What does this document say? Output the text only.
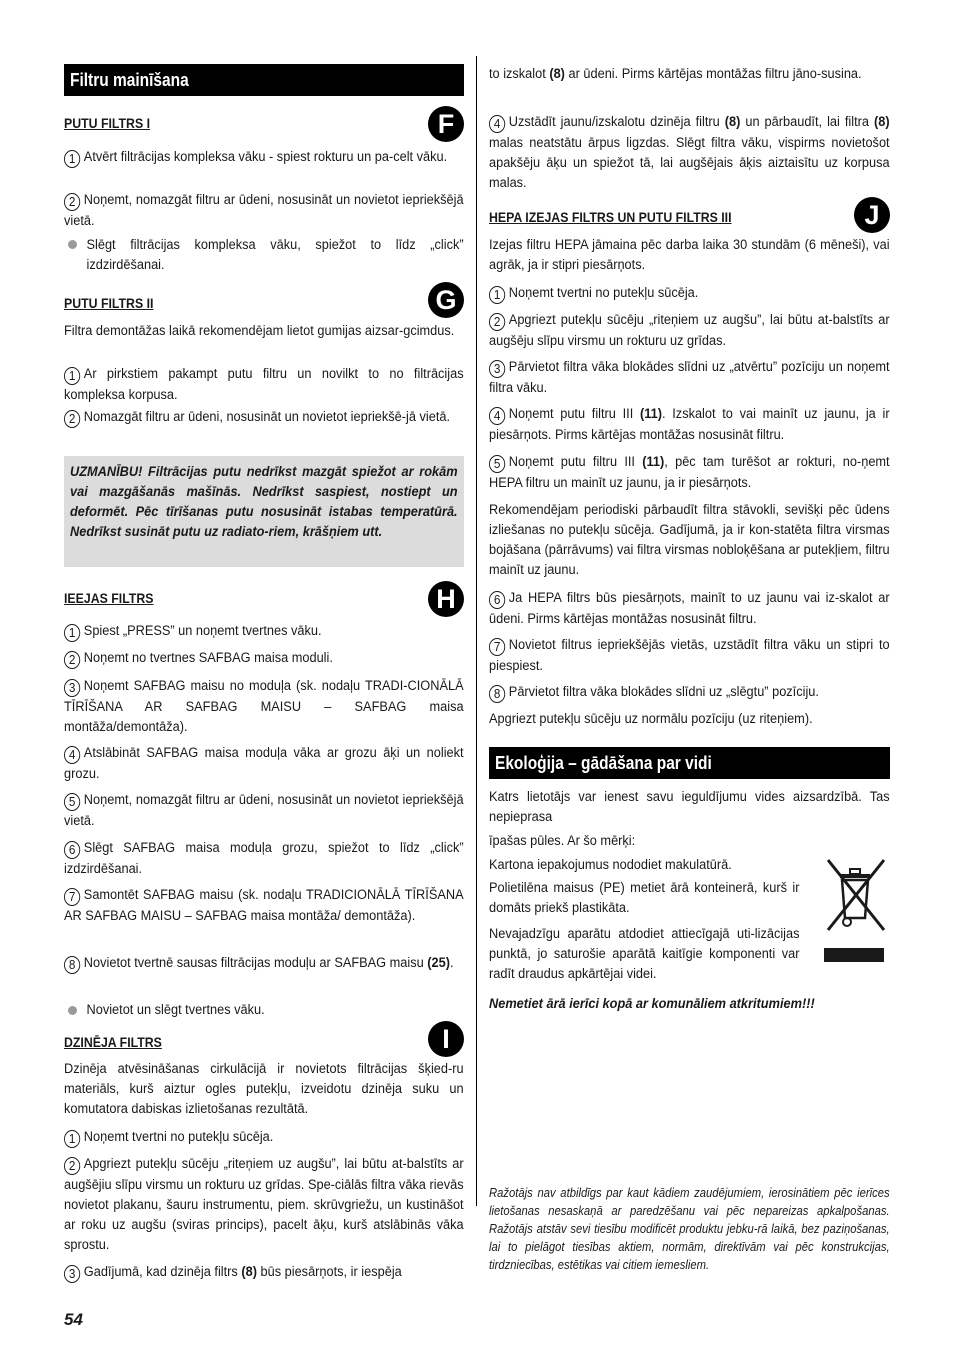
Filtru mainīšana
PUTU FILTRS I	F
1 Atvērt filtrācijas kompleksa vāku - spiest rokturu un pa-celt vāku.
2 Noņemt, nomazgāt filtru ar ūdeni, nosusināt un novietot iepriekšējā vietā.
Slēgt filtrācijas kompleksa vāku, spiežot to līdz „click” izdzirdēšanai.
PUTU FILTRS II	G
Filtra demontāžas laikā rekomendējam lietot gumijas aizsar-gcimdus.
1 Ar pirkstiem pakampt putu filtru un novilkt to no filtrācijas kompleksa korpusa.
2 Nomazgāt filtru ar ūdeni, nosusināt un novietot iepriekšē-jā vietā.
UZMANĪBU! Filtrācijas putu nedrīkst mazgāt spiežot ar rokām vai mazgāšanās mašīnās. Nedrīkst saspiest, nostiept un deformēt. Pēc tīrīšanas putu nosusināt istabas temperatūrā. Nedrīkst susināt putu uz radiato-riem, krāšņiem utt.
IEEJAS FILTRS	H
1 Spiest „PRESS” un noņemt tvertnes vāku.
2 Noņemt no tvertnes SAFBAG maisa moduli.
3 Noņemt SAFBAG maisu no moduļa (sk. nodaļu TRADI-CIONĀLĀ TĪRĪŠANA AR SAFBAG MAISU – SAFBAG maisa montāža/demontāža).
4 Atslābināt SAFBAG maisa moduļa vāka ar grozu āķi un noliekt grozu.
5 Noņemt, nomazgāt filtru ar ūdeni, nosusināt un novietot iepriekšējā vietā.
6 Slēgt SAFBAG maisa moduļa grozu, spiežot to līdz „click” izdzirdēšanai.
7 Samontēt SAFBAG maisu (sk. nodaļu TRADICIONĀLĀ TĪRĪŠANA AR SAFBAG MAISU – SAFBAG maisa montāža/ demontāža).
8 Novietot tvertnē sausas filtrācijas moduļu ar SAFBAG maisu (25).
Novietot un slēgt tvertnes vāku.
DZINĒJA FILTRS	I
Dzinēja atvēsināšanas cirkulācijā ir novietots filtrācijas šķied-ru materiāls, kurš aiztur ogles putekļu, izveidotu dzinēja suku un komutatora dabiskas izlietošanas rezultātā.
1 Noņemt tvertni no putekļu sūcēja.
2 Apgriezt putekļu sūcēju „riteņiem uz augšu”, lai būtu at-balstīts ar augšējiu slīpu virsmu un rokturu uz grīdas. Spe-ciālās filtra vāka rievās novietot plakanu, šauru instrumentu, piem. skrūvgriežu, un kustināšot ar roku uz augšu (sviras princips), pacelt āķu, kurš atslābinās vāka sprostu.
3 Gadījumā, kad dzinēja filtrs (8) būs piesārņots, ir iespēja
54
to izskalot (8) ar ūdeni. Pirms kārtējas montāžas filtru jāno-susina.
4 Uzstādīt jaunu/izskalotu dzinēja filtru (8) un pārbaudīt, lai filtra (8) malas neatstātu ārpus ligzdas. Slēgt filtra vāku, vispirms novietošot apakšēju āķu un spiežot tā, lai augšējais āķis aiztaisītu uz korpusa malas.
HEPA IZEJAS FILTRS UN PUTU FILTRS III	J
Izejas filtru HEPA jāmaina pēc darba laika 30 stundām (6 mēneši), vai agrāk, ja ir stipri piesārņots.
1 Noņemt tvertni no putekļu sūcēja.
2 Apgriezt putekļu sūcēju „riteņiem uz augšu”, lai būtu at-balstīts ar augšēju slīpu virsmu un rokturu uz grīdas.
3 Pārvietot filtra vāka blokādes slīdni uz „atvērtu” pozīciju un noņemt filtra vāku.
4 Noņemt putu filtru III (11). Izskalot to vai mainīt uz jaunu, ja ir piesārņots. Pirms kārtējas montāžas nosusināt filtru.
5 Noņemt putu filtru III (11), pēc tam turēšot ar rokturi, no-ņemt HEPA filtru un mainīt uz jaunu, ja ir piesārņots.
Rekomendējam periodiski pārbaudīt filtra stāvokli, sevišķi pēc ūdens izliešanas no putekļu sūcēja. Gadījumā, ja ir kon-statēta filtra virsmas bojāšana (pārrāvums) vai filtra virsmas nobloķēšana ar putekļiem, filtru mainīt uz jaunu.
6 Ja HEPA filtrs būs piesārņots, mainīt to uz jaunu vai iz-skalot ar ūdeni. Pirms kārtējas montāžas nosusināt filtru.
7 Novietot filtrus iepriekšējās vietās, uzstādīt filtra vāku un stipri to piespiest.
8 Pārvietot filtra vāka blokādes slīdni uz „slēgtu” pozīciju.
Apgriezt putekļu sūcēju uz normālu pozīciju (uz riteņiem).
Ekoloģija – gādāšana par vidi
Katrs lietotājs var ienest savu ieguldījumu vides aizsardzībā. Tas nepieprasa
īpašas pūles. Ar šo mērķi:
Kartona iepakojumus nododiet makulatūrā.
Polietilēna maisus (PE) metiet ārā konteinerā, kurš ir domāts priekš plastikāta.
Nevajadzīgu aparātu atdodiet attiecīgajā uti-lizācijas punktā, jo saturošie aparātā kaitīgie komponenti var radīt draudus apkārtējai videi.
Nemetiet ārā ierīci kopā ar komunāliem atkritumiem!!!
Ražotājs nav atbildīgs par kaut kādiem zaudējumiem, ierosinātiem pēc ierīces lietošanas nesaskaņā ar paredzēšanu vai pēc nepareizas apkalpošanas. Ražotājs atstāv sevi tiesību modificēt produktu jebku-rā laikā, bez paziņošanas, lai to pielāgot tiesības aktiem, normām, direktīvām vai pēc konstrukcijas, tirdzniecības, estētikas vai citiem iemesliem.
